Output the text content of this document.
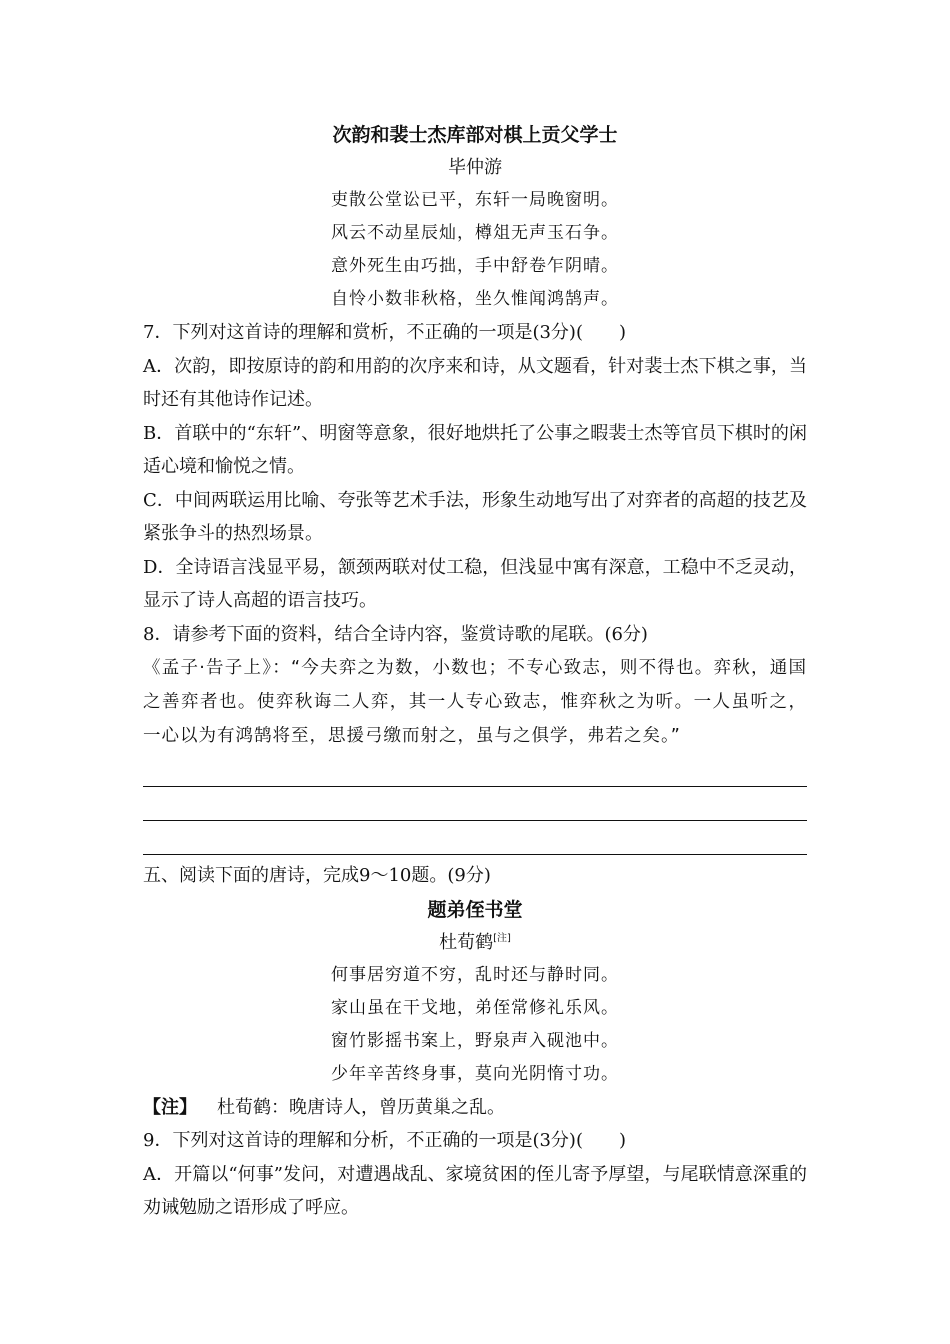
次韵和裴士杰库部对棋上贡父学士
毕仲游
吏散公堂讼已平，东轩一局晚窗明。
风云不动星辰灿，樽俎无声玉石争。
意外死生由巧拙，手中舒卷乍阴晴。
自怜小数非秋格，坐久惟闻鸿鹄声。
7．下列对这首诗的理解和赏析，不正确的一项是(3分)(　　)
A．次韵，即按原诗的韵和用韵的次序来和诗，从文题看，针对裴士杰下棋之事，当时还有其他诗作记述。
B．首联中的“东轩”、明窗等意象，很好地烘托了公事之暇裴士杰等官员下棋时的闲适心境和愉悦之情。
C．中间两联运用比喻、夸张等艺术手法，形象生动地写出了对弈者的高超的技艺及紧张争斗的热烈场景。
D．全诗语言浅显平易，颔颈两联对仗工稳，但浅显中寓有深意，工稳中不乏灵动，显示了诗人高超的语言技巧。
8．请参考下面的资料，结合全诗内容，鉴赏诗歌的尾联。(6分)
《孟子·告子上》：“今夫弈之为数，小数也；不专心致志，则不得也。弈秋，通国之善弈者也。使弈秋诲二人弈，其一人专心致志，惟弈秋之为听。一人虽听之，一心以为有鸿鹄将至，思援弓缴而射之，虽与之俱学，弗若之矣。”
五、阅读下面的唐诗，完成9～10题。(9分)
题弟侄书堂
杜荀鹤[注]
何事居穷道不穷，乱时还与静时同。
家山虽在干戈地，弟侄常修礼乐风。
窗竹影摇书案上，野泉声入砚池中。
少年辛苦终身事，莫向光阴惰寸功。
【注】 杜荀鹤：晚唐诗人，曾历黄巢之乱。
9．下列对这首诗的理解和分析，不正确的一项是(3分)(　　)
A．开篇以“何事”发问，对遭遇战乱、家境贫困的侄儿寄予厚望，与尾联情意深重的劝诫勉励之语形成了呼应。
